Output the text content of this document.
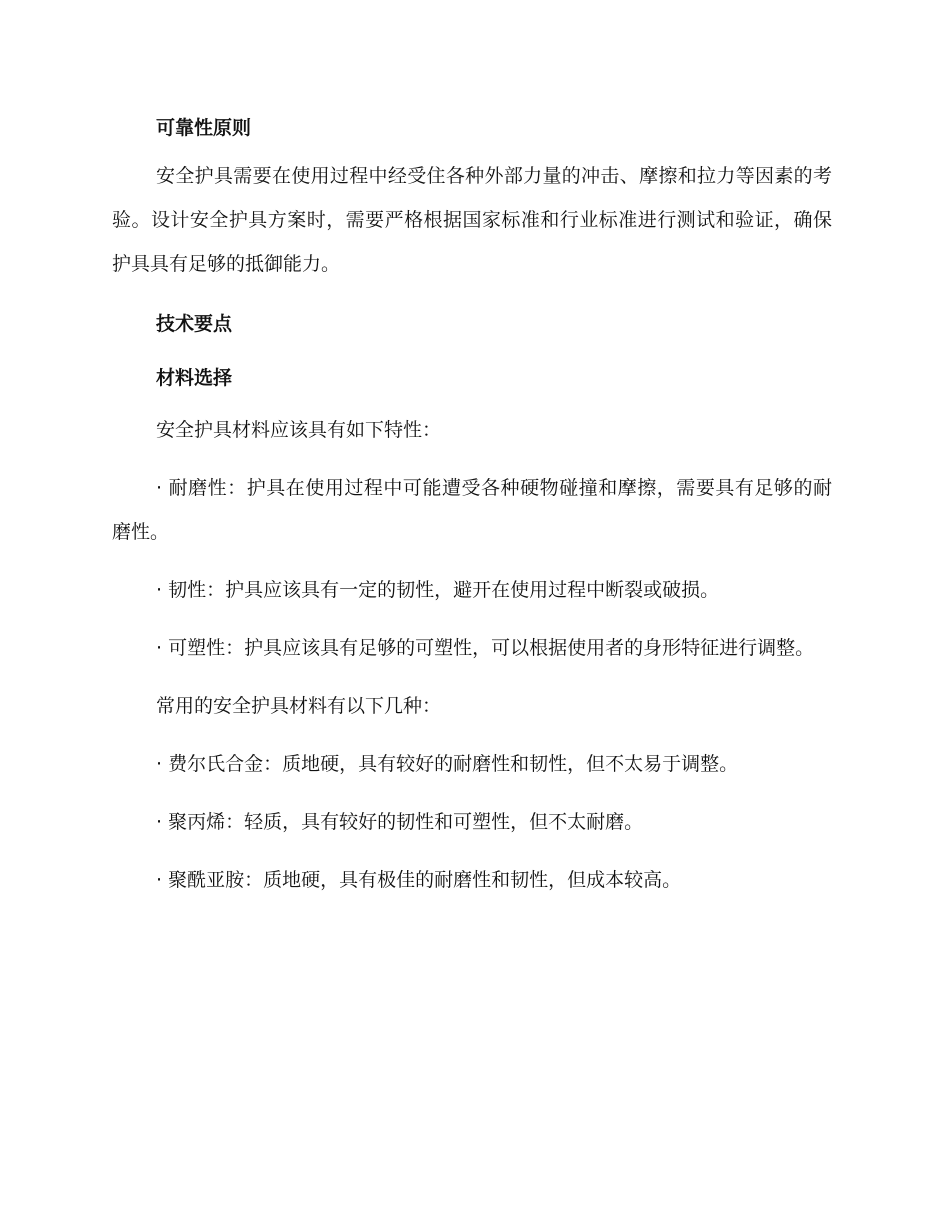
可靠性原则

安全护具需要在使用过程中经受住各种外部力量的冲击、摩擦和拉力等因素的考验。设计安全护具方案时，需要严格根据国家标准和行业标准进行测试和验证，确保护具具有足够的抵御能力。

技术要点

材料选择

安全护具材料应该具有如下特性：

· 耐磨性：护具在使用过程中可能遭受各种硬物碰撞和摩擦，需要具有足够的耐磨性。

· 韧性：护具应该具有一定的韧性，避开在使用过程中断裂或破损。

· 可塑性：护具应该具有足够的可塑性，可以根据使用者的身形特征进行调整。

常用的安全护具材料有以下几种：

· 费尔氏合金：质地硬，具有较好的耐磨性和韧性，但不太易于调整。

· 聚丙烯：轻质，具有较好的韧性和可塑性，但不太耐磨。

· 聚酰亚胺：质地硬，具有极佳的耐磨性和韧性，但成本较高。
